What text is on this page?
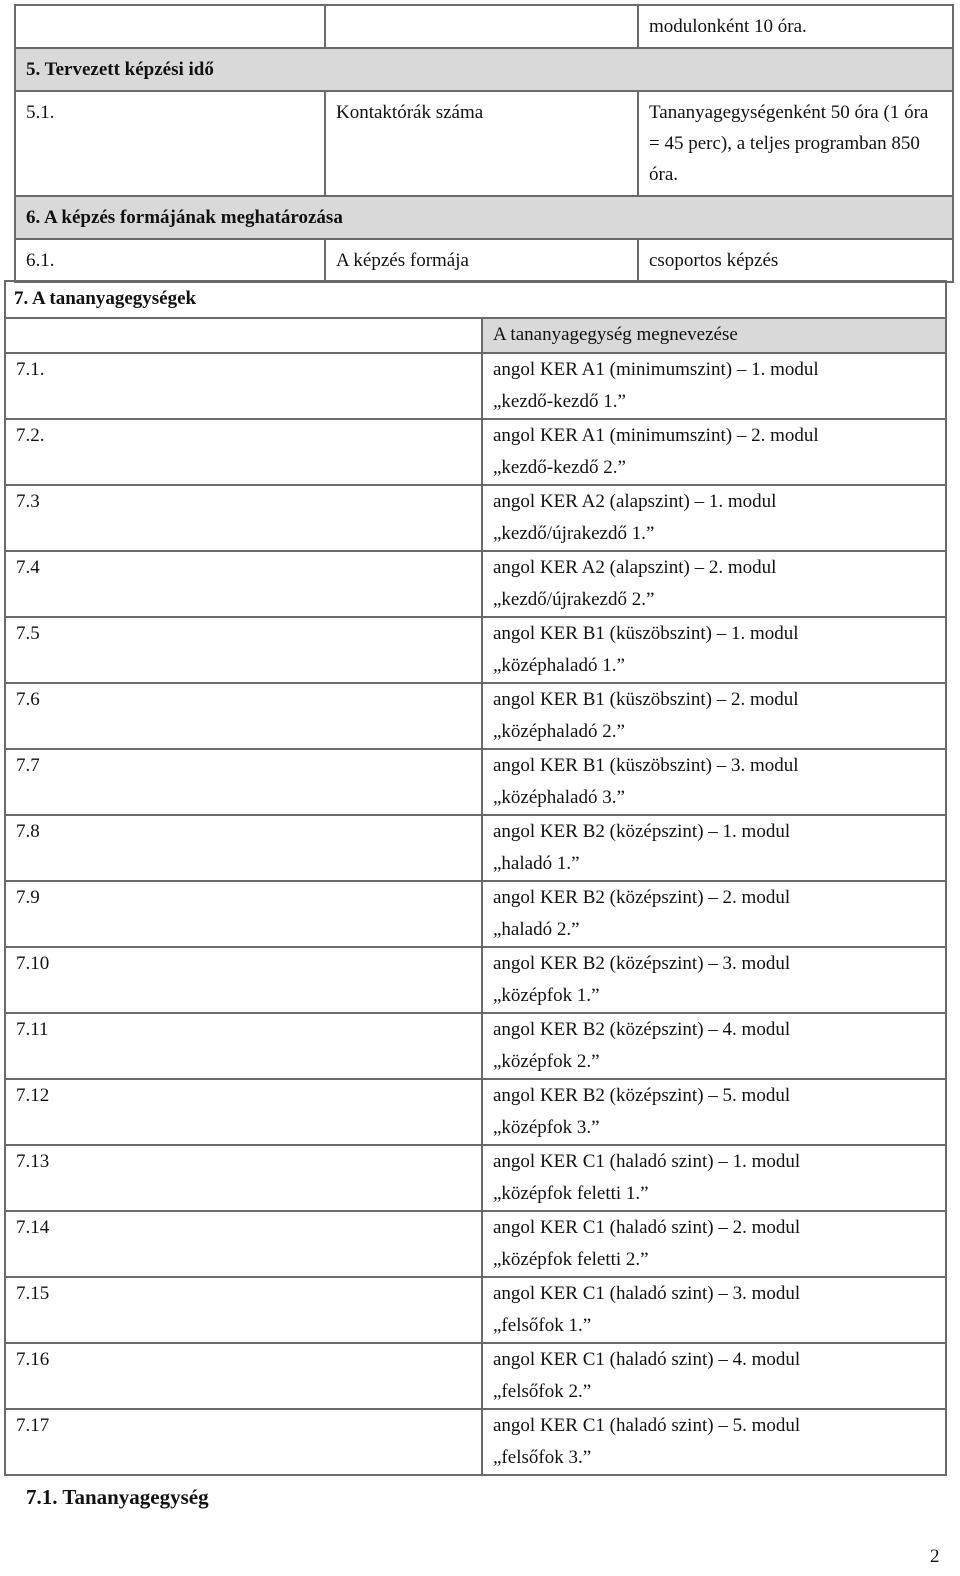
		modulonként 10 óra.
5. Tervezett képzési idő		
5.1.	Kontaktórák száma	Tananyagegységenként 50 óra (1 óra = 45 perc), a teljes programban 850 óra.
6. A képzés formájának meghatározása		
6.1.	A képzés formája	csoportos képzés
7. A tananyagegységek	
	A tananyagegység megnevezése
7.1.	angol KER A1 (minimumszint) – 1. modul
„kezdő-kezdő 1.”

7.2.	angol KER A1 (minimumszint) – 2. modul
„kezdő-kezdő 2.”

7.3	angol KER A2 (alapszint) – 1. modul
„kezdő/újrakezdő 1.”

7.4	angol KER A2 (alapszint) – 2. modul
„kezdő/újrakezdő 2.”

7.5	angol KER B1 (küszöbszint) – 1. modul
„középhaladó 1.”

7.6	angol KER B1 (küszöbszint) – 2. modul
„középhaladó 2.”

7.7	angol KER B1 (küszöbszint) – 3. modul
„középhaladó 3.”

7.8	angol KER B2 (középszint) – 1. modul
„haladó 1.”

7.9	angol KER B2 (középszint) – 2. modul
„haladó 2.”

7.10	angol KER B2 (középszint) – 3. modul
„középfok 1.”

7.11	angol KER B2 (középszint) – 4. modul
„középfok 2.”

7.12	angol KER B2 (középszint) – 5. modul
„középfok 3.”

7.13	angol KER C1 (haladó szint) – 1. modul
„középfok feletti 1.”

7.14	angol KER C1 (haladó szint) – 2. modul
„középfok feletti 2.”

7.15	angol KER C1 (haladó szint) – 3. modul
„felsőfok 1.”

7.16	angol KER C1 (haladó szint) – 4. modul
„felsőfok 2.”

7.17	angol KER C1 (haladó szint) – 5. modul
„felsőfok 3.”
7.1. Tananyagegység
2
